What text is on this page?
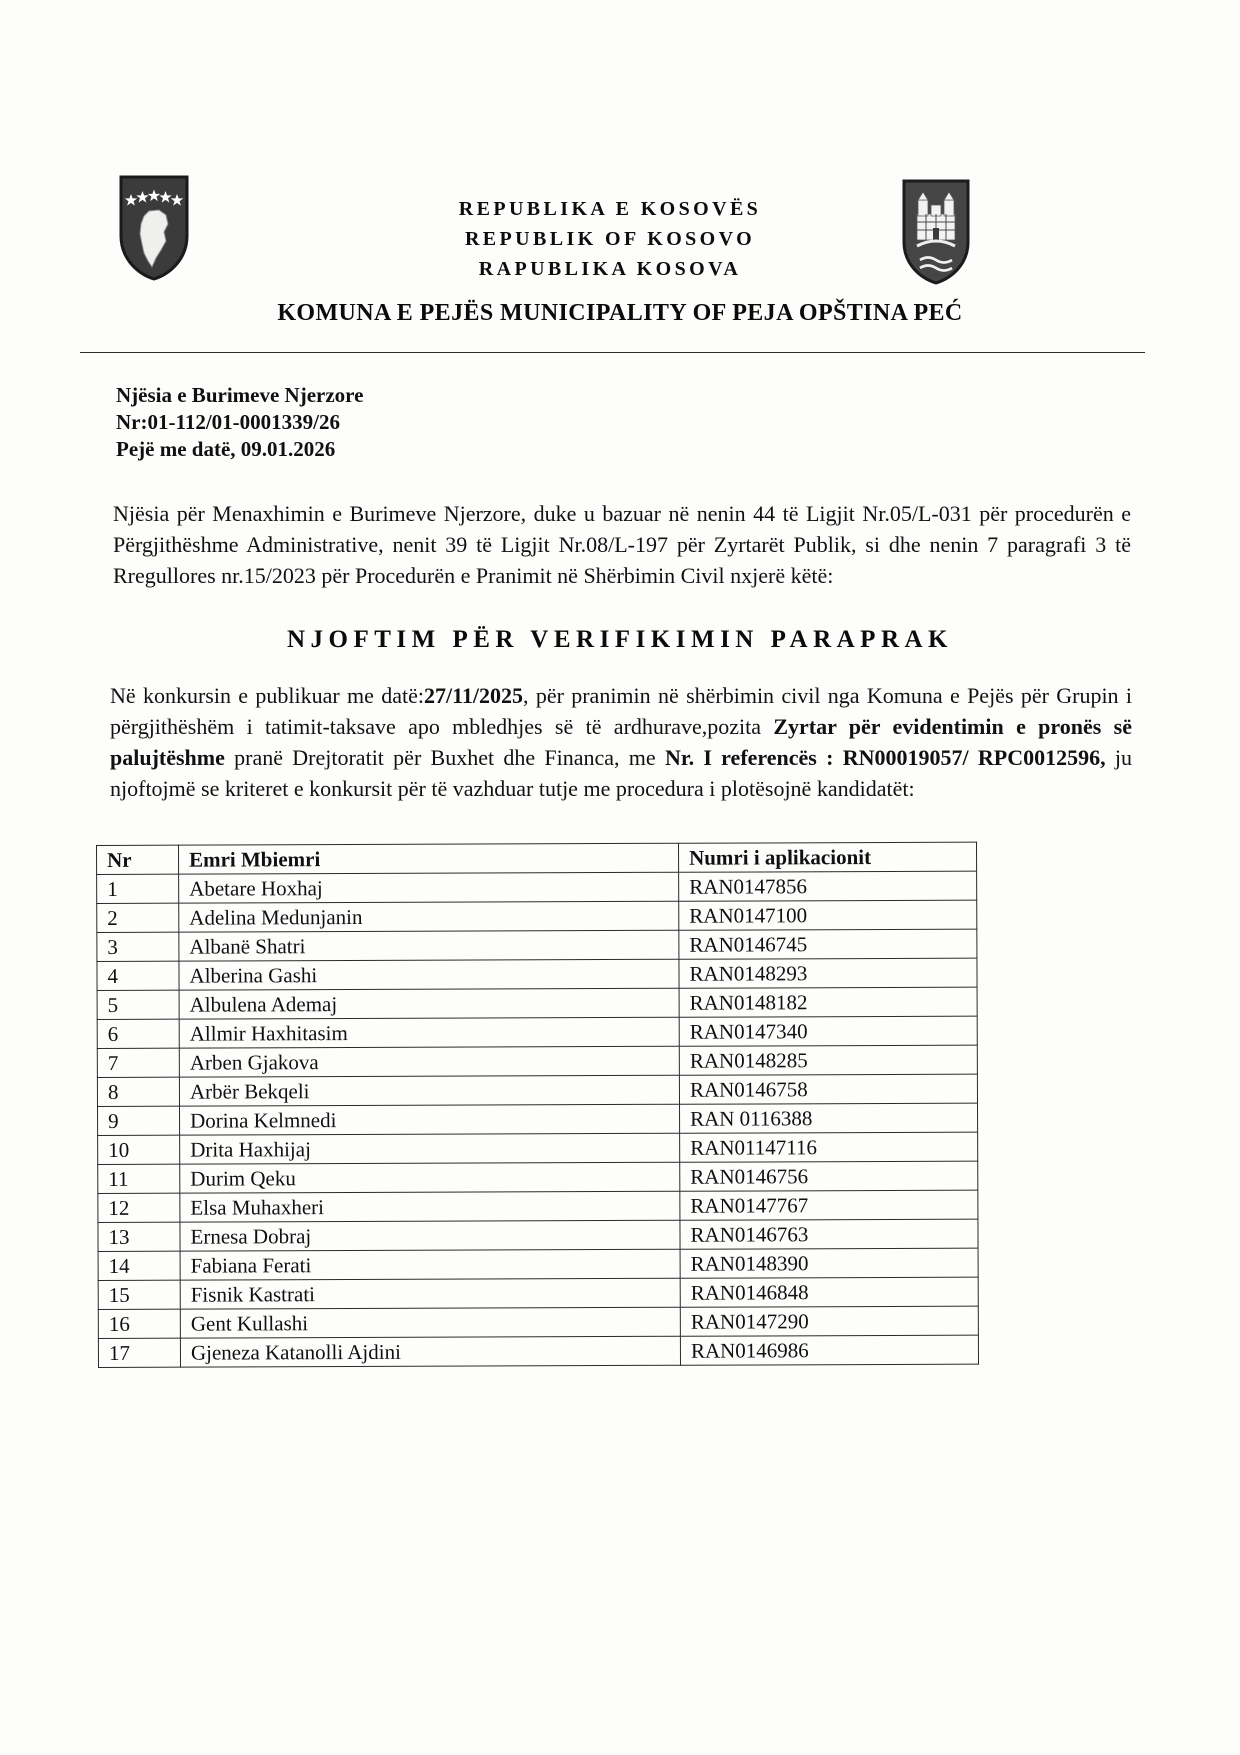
REPUBLIKA E KOSOVËS
REPUBLIK OF KOSOVO
RAPUBLIKA KOSOVA
KOMUNA E PEJËS MUNICIPALITY OF PEJA OPŠTINA PEĆ
Njësia e Burimeve Njerzore
Nr:01-112/01-0001339/26
Pejë me datë, 09.01.2026
Njësia për Menaxhimin e Burimeve Njerzore, duke u bazuar në nenin 44 të Ligjit Nr.05/L-031 për procedurën e Përgjithëshme Administrative, nenit 39 të Ligjit Nr.08/L-197 për Zyrtarët Publik, si dhe nenin 7 paragrafi 3 të Rregullores nr.15/2023 për Procedurën e Pranimit në Shërbimin Civil nxjerë këtë:
NJOFTIM PËR VERIFIKIMIN PARAPRAK
Në konkursin e publikuar me datë:27/11/2025, për pranimin në shërbimin civil nga Komuna e Pejës për Grupin i përgjithëshëm i tatimit-taksave apo mbledhjes së të ardhurave,pozita Zyrtar për evidentimin e pronës së palujtëshme pranë Drejtoratit për Buxhet dhe Financa, me Nr. I referencës : RN00019057/ RPC0012596, ju njoftojmë se kriteret e konkursit për të vazhduar tutje me procedura i plotësojnë kandidatët:
Nr	Emri Mbiemri	Numri i aplikacionit
1	Abetare Hoxhaj	RAN0147856
2	Adelina Medunjanin	RAN0147100
3	Albanë Shatri	RAN0146745
4	Alberina Gashi	RAN0148293
5	Albulena Ademaj	RAN0148182
6	Allmir Haxhitasim	RAN0147340
7	Arben Gjakova	RAN0148285
8	Arbër Bekqeli	RAN0146758
9	Dorina Kelmnedi	RAN 0116388
10	Drita Haxhijaj	RAN01147116
11	Durim Qeku	RAN0146756
12	Elsa Muhaxheri	RAN0147767
13	Ernesa Dobraj	RAN0146763
14	Fabiana Ferati	RAN0148390
15	Fisnik Kastrati	RAN0146848
16	Gent Kullashi	RAN0147290
17	Gjeneza Katanolli Ajdini	RAN0146986
